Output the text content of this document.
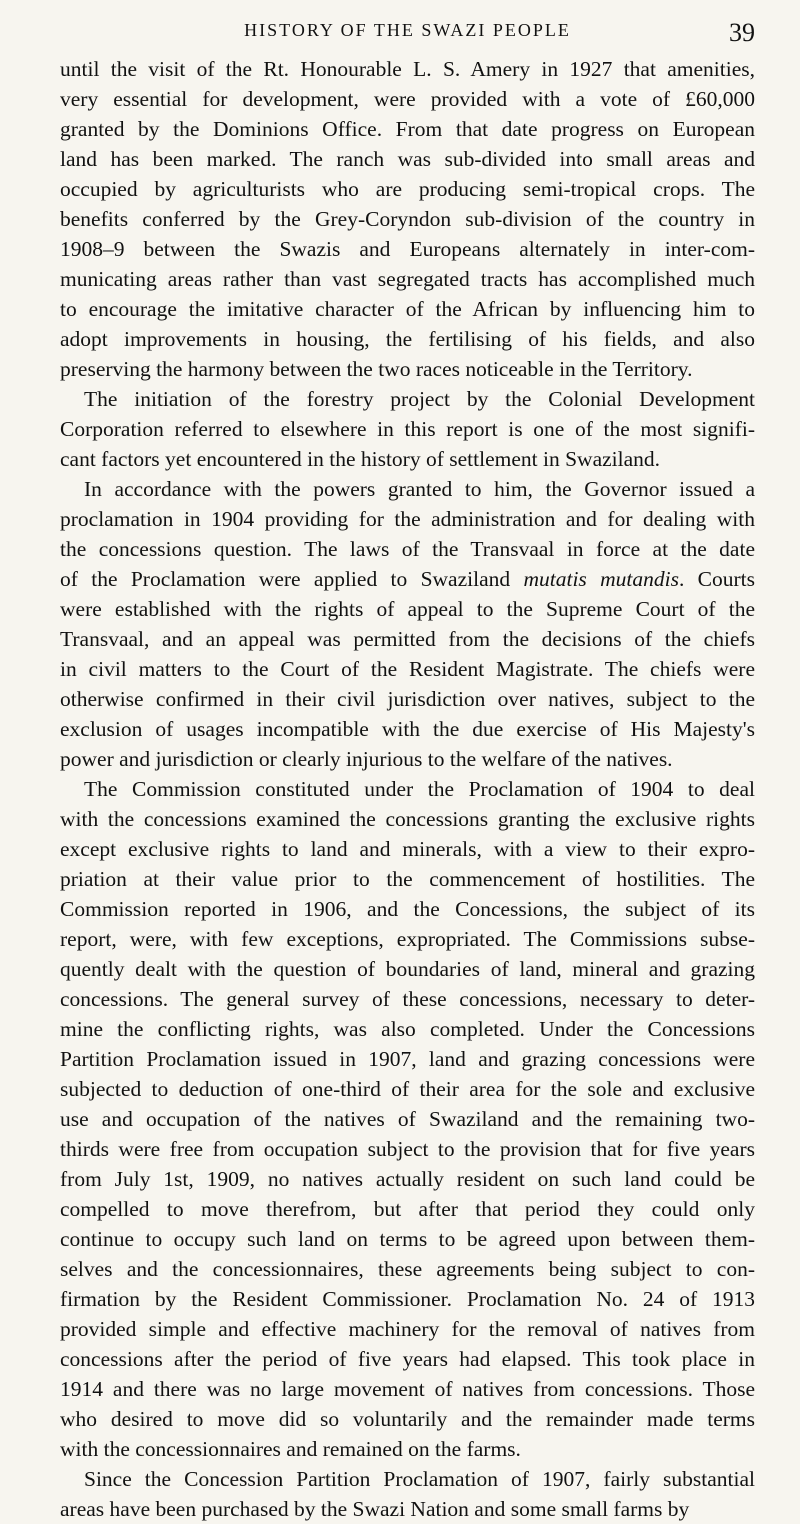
HISTORY OF THE SWAZI PEOPLE	39

until the visit of the Rt. Honourable L. S. Amery in 1927 that amenities,

very essential for development, were provided with a vote of £60,000

granted by the Dominions Office. From that date progress on European

land has been marked. The ranch was sub-divided into small areas and

occupied by agriculturists who are producing semi-tropical crops. The

benefits conferred by the Grey-Coryndon sub-division of the country in

1908–9 between the Swazis and Europeans alternately in inter-com-

municating areas rather than vast segregated tracts has accomplished much

to encourage the imitative character of the African by influencing him to

adopt improvements in housing, the fertilising of his fields, and also

preserving the harmony between the two races noticeable in the Territory.

The initiation of the forestry project by the Colonial Development

Corporation referred to elsewhere in this report is one of the most signifi-

cant factors yet encountered in the history of settlement in Swaziland.

In accordance with the powers granted to him, the Governor issued a

proclamation in 1904 providing for the administration and for dealing with

the concessions question. The laws of the Transvaal in force at the date

of the Proclamation were applied to Swaziland mutatis mutandis. Courts

were established with the rights of appeal to the Supreme Court of the

Transvaal, and an appeal was permitted from the decisions of the chiefs

in civil matters to the Court of the Resident Magistrate. The chiefs were

otherwise confirmed in their civil jurisdiction over natives, subject to the

exclusion of usages incompatible with the due exercise of His Majesty's

power and jurisdiction or clearly injurious to the welfare of the natives.

The Commission constituted under the Proclamation of 1904 to deal

with the concessions examined the concessions granting the exclusive rights

except exclusive rights to land and minerals, with a view to their expro-

priation at their value prior to the commencement of hostilities. The

Commission reported in 1906, and the Concessions, the subject of its

report, were, with few exceptions, expropriated. The Commissions subse-

quently dealt with the question of boundaries of land, mineral and grazing

concessions. The general survey of these concessions, necessary to deter-

mine the conflicting rights, was also completed. Under the Concessions

Partition Proclamation issued in 1907, land and grazing concessions were

subjected to deduction of one-third of their area for the sole and exclusive

use and occupation of the natives of Swaziland and the remaining two-

thirds were free from occupation subject to the provision that for five years

from July 1st, 1909, no natives actually resident on such land could be

compelled to move therefrom, but after that period they could only

continue to occupy such land on terms to be agreed upon between them-

selves and the concessionnaires, these agreements being subject to con-

firmation by the Resident Commissioner. Proclamation No. 24 of 1913

provided simple and effective machinery for the removal of natives from

concessions after the period of five years had elapsed. This took place in

1914 and there was no large movement of natives from concessions. Those

who desired to move did so voluntarily and the remainder made terms

with the concessionnaires and remained on the farms.

Since the Concession Partition Proclamation of 1907, fairly substantial

areas have been purchased by the Swazi Nation and some small farms by
